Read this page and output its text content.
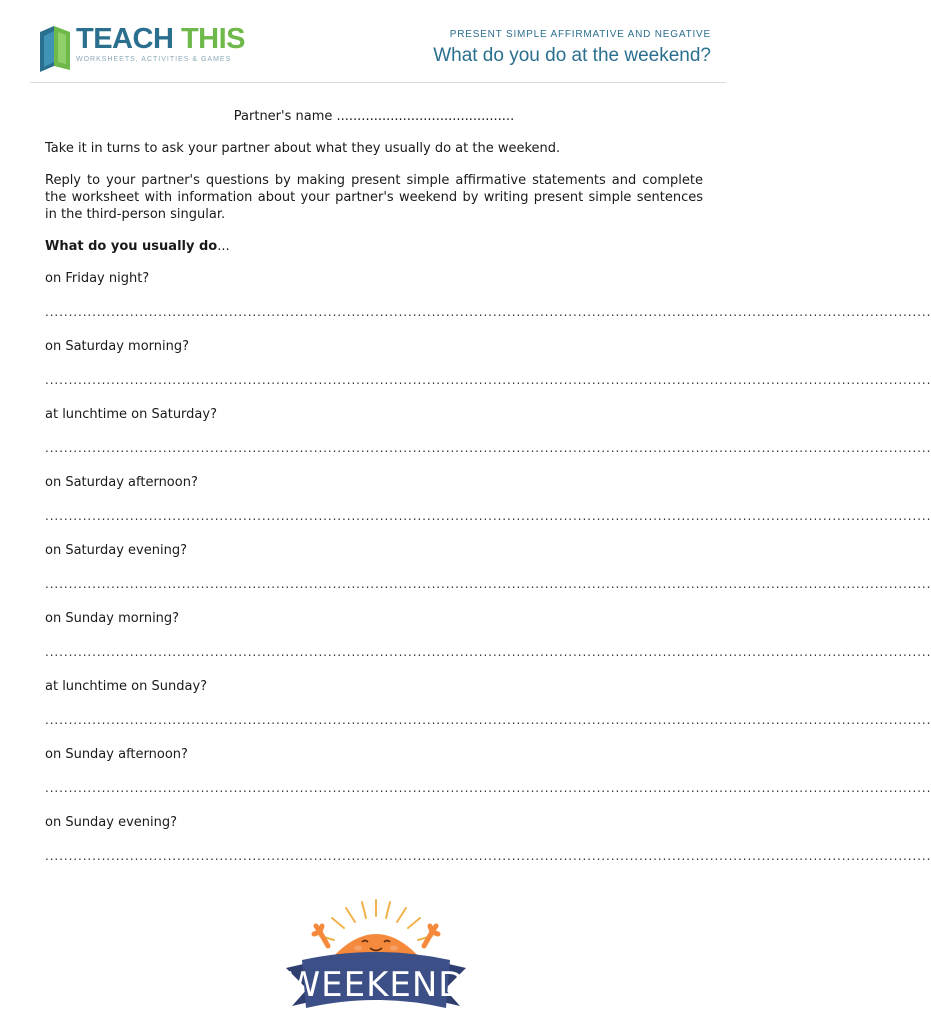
TEACH THIS
WORKSHEETS, ACTIVITIES & GAMES
PRESENT SIMPLE AFFIRMATIVE AND NEGATIVE
What do you do at the weekend?
Partner's name ...........................................

Take it in turns to ask your partner about what they usually do at the weekend.

Reply to your partner's questions by making present simple affirmative statements and complete the worksheet with information about your partner's weekend by writing present simple sentences in the third-person singular.

What do you usually do...
on Friday night?
............................................................................................................................................................................................
on Saturday morning?
............................................................................................................................................................................................
at lunchtime on Saturday?
............................................................................................................................................................................................
on Saturday afternoon?
............................................................................................................................................................................................
on Saturday evening?
............................................................................................................................................................................................
on Sunday morning?
............................................................................................................................................................................................
at lunchtime on Sunday?
............................................................................................................................................................................................
on Sunday afternoon?
............................................................................................................................................................................................
on Sunday evening?
............................................................................................................................................................................................
WEEKEND
